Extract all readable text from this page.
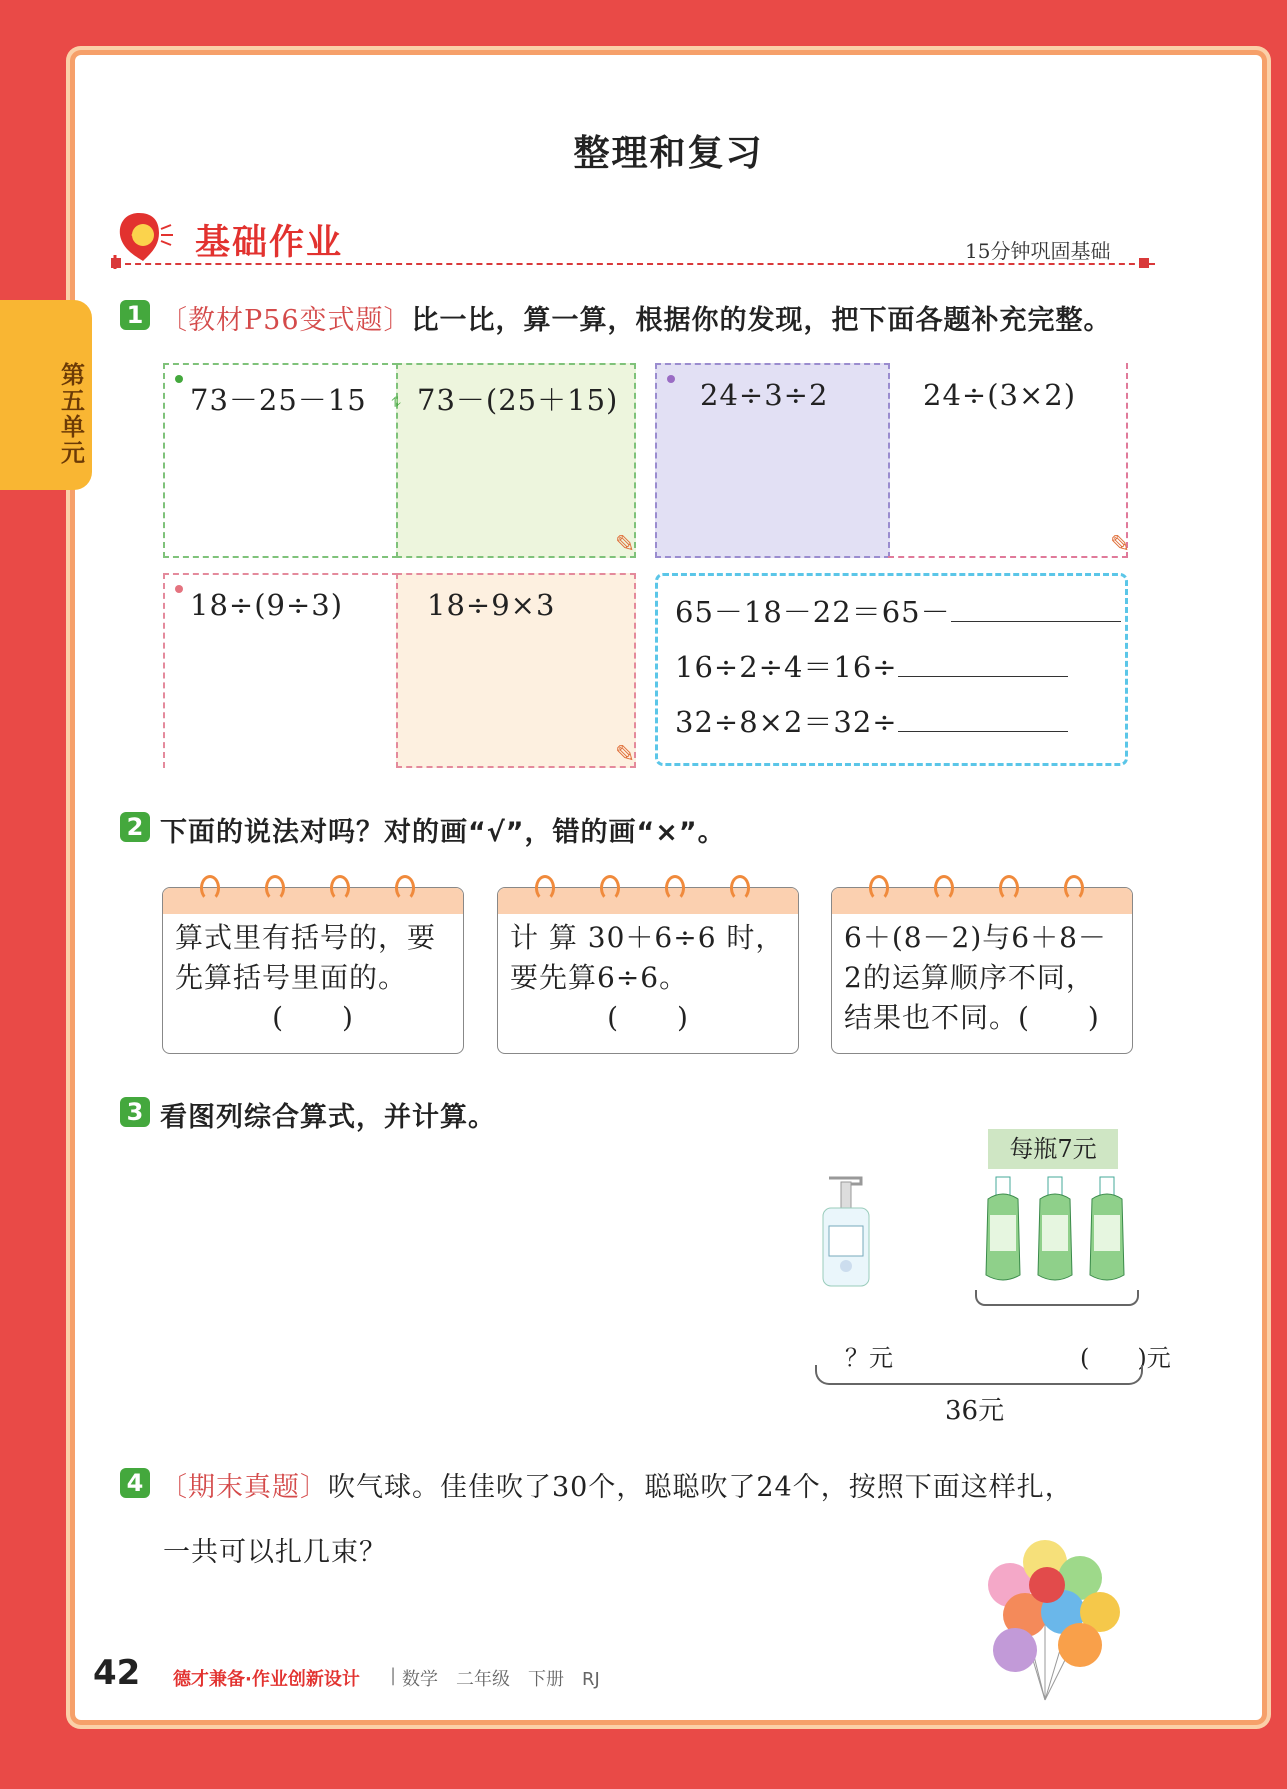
整理和复习
基础作业	15分钟巩固基础
1 〔教材P56变式题〕比一比，算一算，根据你的发现，把下面各题补充完整。
73－25－15 73－(25＋15)
⥮	24÷3÷2	24÷(3×2)
18÷(9÷3)	18÷9×3	65－18－22＝65－
16÷2÷4＝16÷
32÷8×2＝32÷
✎	✎
✎
2 下面的说法对吗？对的画“√”，错的画“×”。
算式里有括号的，要
先算括号里面的。
(　　)
计 算 30＋6÷6 时，
要先算6÷6。
(　　)
6＋(8－2)与6＋8－
2的运算顺序不同，
结果也不同。(　　)
3 看图列综合算式，并计算。
每瓶7元
？元	(　　)元
36元
4 〔期末真题〕吹气球。佳佳吹了30个，聪聪吹了24个，按照下面这样扎，
一共可以扎几束？
42 德才兼备·作业创新设计 | 数学　二年级　下册　RJ
第五单元
